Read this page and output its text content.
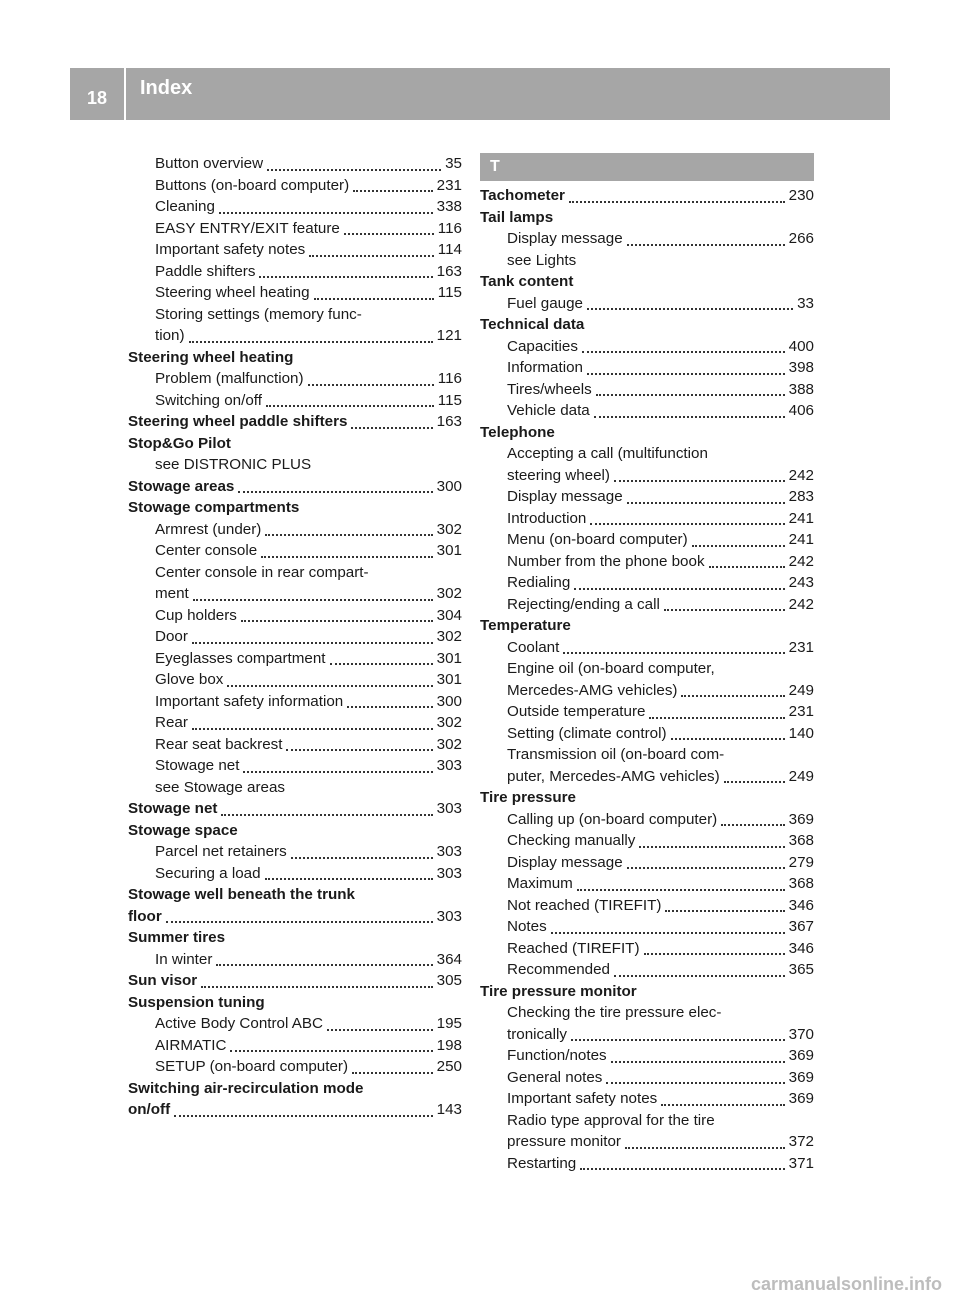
18	Index
Button overview	35
Buttons (on-board computer)	231
Cleaning	338
EASY ENTRY/EXIT feature	116
Important safety notes	114
Paddle shifters	163
Steering wheel heating	115
Storing settings (memory func-
tion)	121
Steering wheel heating
Problem (malfunction)	116
Switching on/off	115
Steering wheel paddle shifters	163
Stop&Go Pilot
see DISTRONIC PLUS
Stowage areas	300
Stowage compartments
Armrest (under)	302
Center console	301
Center console in rear compart-
ment	302
Cup holders	304
Door	302
Eyeglasses compartment	301
Glove box	301
Important safety information	300
Rear	302
Rear seat backrest	302
Stowage net	303
see Stowage areas
Stowage net	303
Stowage space
Parcel net retainers	303
Securing a load	303
Stowage well beneath the trunk
floor	303
Summer tires
In winter	364
Sun visor	305
Suspension tuning
Active Body Control ABC	195
AIRMATIC	198
SETUP (on-board computer)	250
Switching air-recirculation mode
on/off	143
T
Tachometer	230
Tail lamps
Display message	266
see Lights
Tank content
Fuel gauge	33
Technical data
Capacities	400
Information	398
Tires/wheels	388
Vehicle data	406
Telephone
Accepting a call (multifunction
steering wheel)	242
Display message	283
Introduction	241
Menu (on-board computer)	241
Number from the phone book	242
Redialing	243
Rejecting/ending a call	242
Temperature
Coolant	231
Engine oil (on-board computer,
Mercedes-AMG vehicles)	249
Outside temperature	231
Setting (climate control)	140
Transmission oil (on-board com-
puter, Mercedes-AMG vehicles)	249
Tire pressure
Calling up (on-board computer)	369
Checking manually	368
Display message	279
Maximum	368
Not reached (TIREFIT)	346
Notes	367
Reached (TIREFIT)	346
Recommended	365
Tire pressure monitor
Checking the tire pressure elec-
tronically	370
Function/notes	369
General notes	369
Important safety notes	369
Radio type approval for the tire
pressure monitor	372
Restarting	371
carmanualsonline.info
